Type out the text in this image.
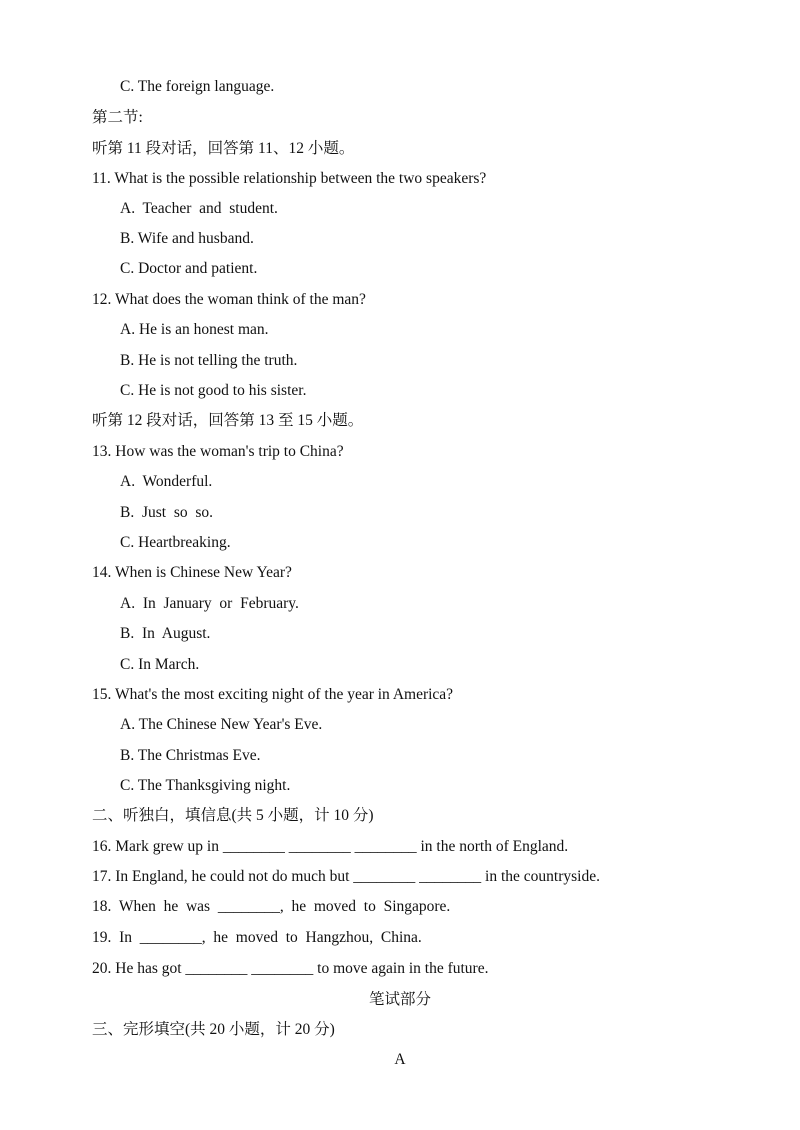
C. The foreign language.
第二节:
听第 11 段对话，回答第 11、12 小题。
11. What is the possible relationship between the two speakers?
A.  Teacher  and  student.
B. Wife and husband.
C. Doctor and patient.
12. What does the woman think of the man?
A. He is an honest man.
B. He is not telling the truth.
C. He is not good to his sister.
听第 12 段对话，回答第 13 至 15 小题。
13. How was the woman's trip to China?
A.  Wonderful.
B.  Just  so  so.
C. Heartbreaking.
14. When is Chinese New Year?
A.  In  January  or  February.
B.  In  August.
C. In March.
15. What's the most exciting night of the year in America?
A. The Chinese New Year's Eve.
B. The Christmas Eve.
C. The Thanksgiving night.
二、听独白，填信息(共 5 小题，计 10 分)
16. Mark grew up in ________ ________ ________ in the north of England.
17. In England, he could not do much but ________ ________ in the countryside.
18.  When  he  was  ________,  he  moved  to  Singapore.
19.  In  ________,  he  moved  to  Hangzhou,  China.
20. He has got ________ ________ to move again in the future.
笔试部分
三、完形填空(共 20 小题，计 20 分)
A
